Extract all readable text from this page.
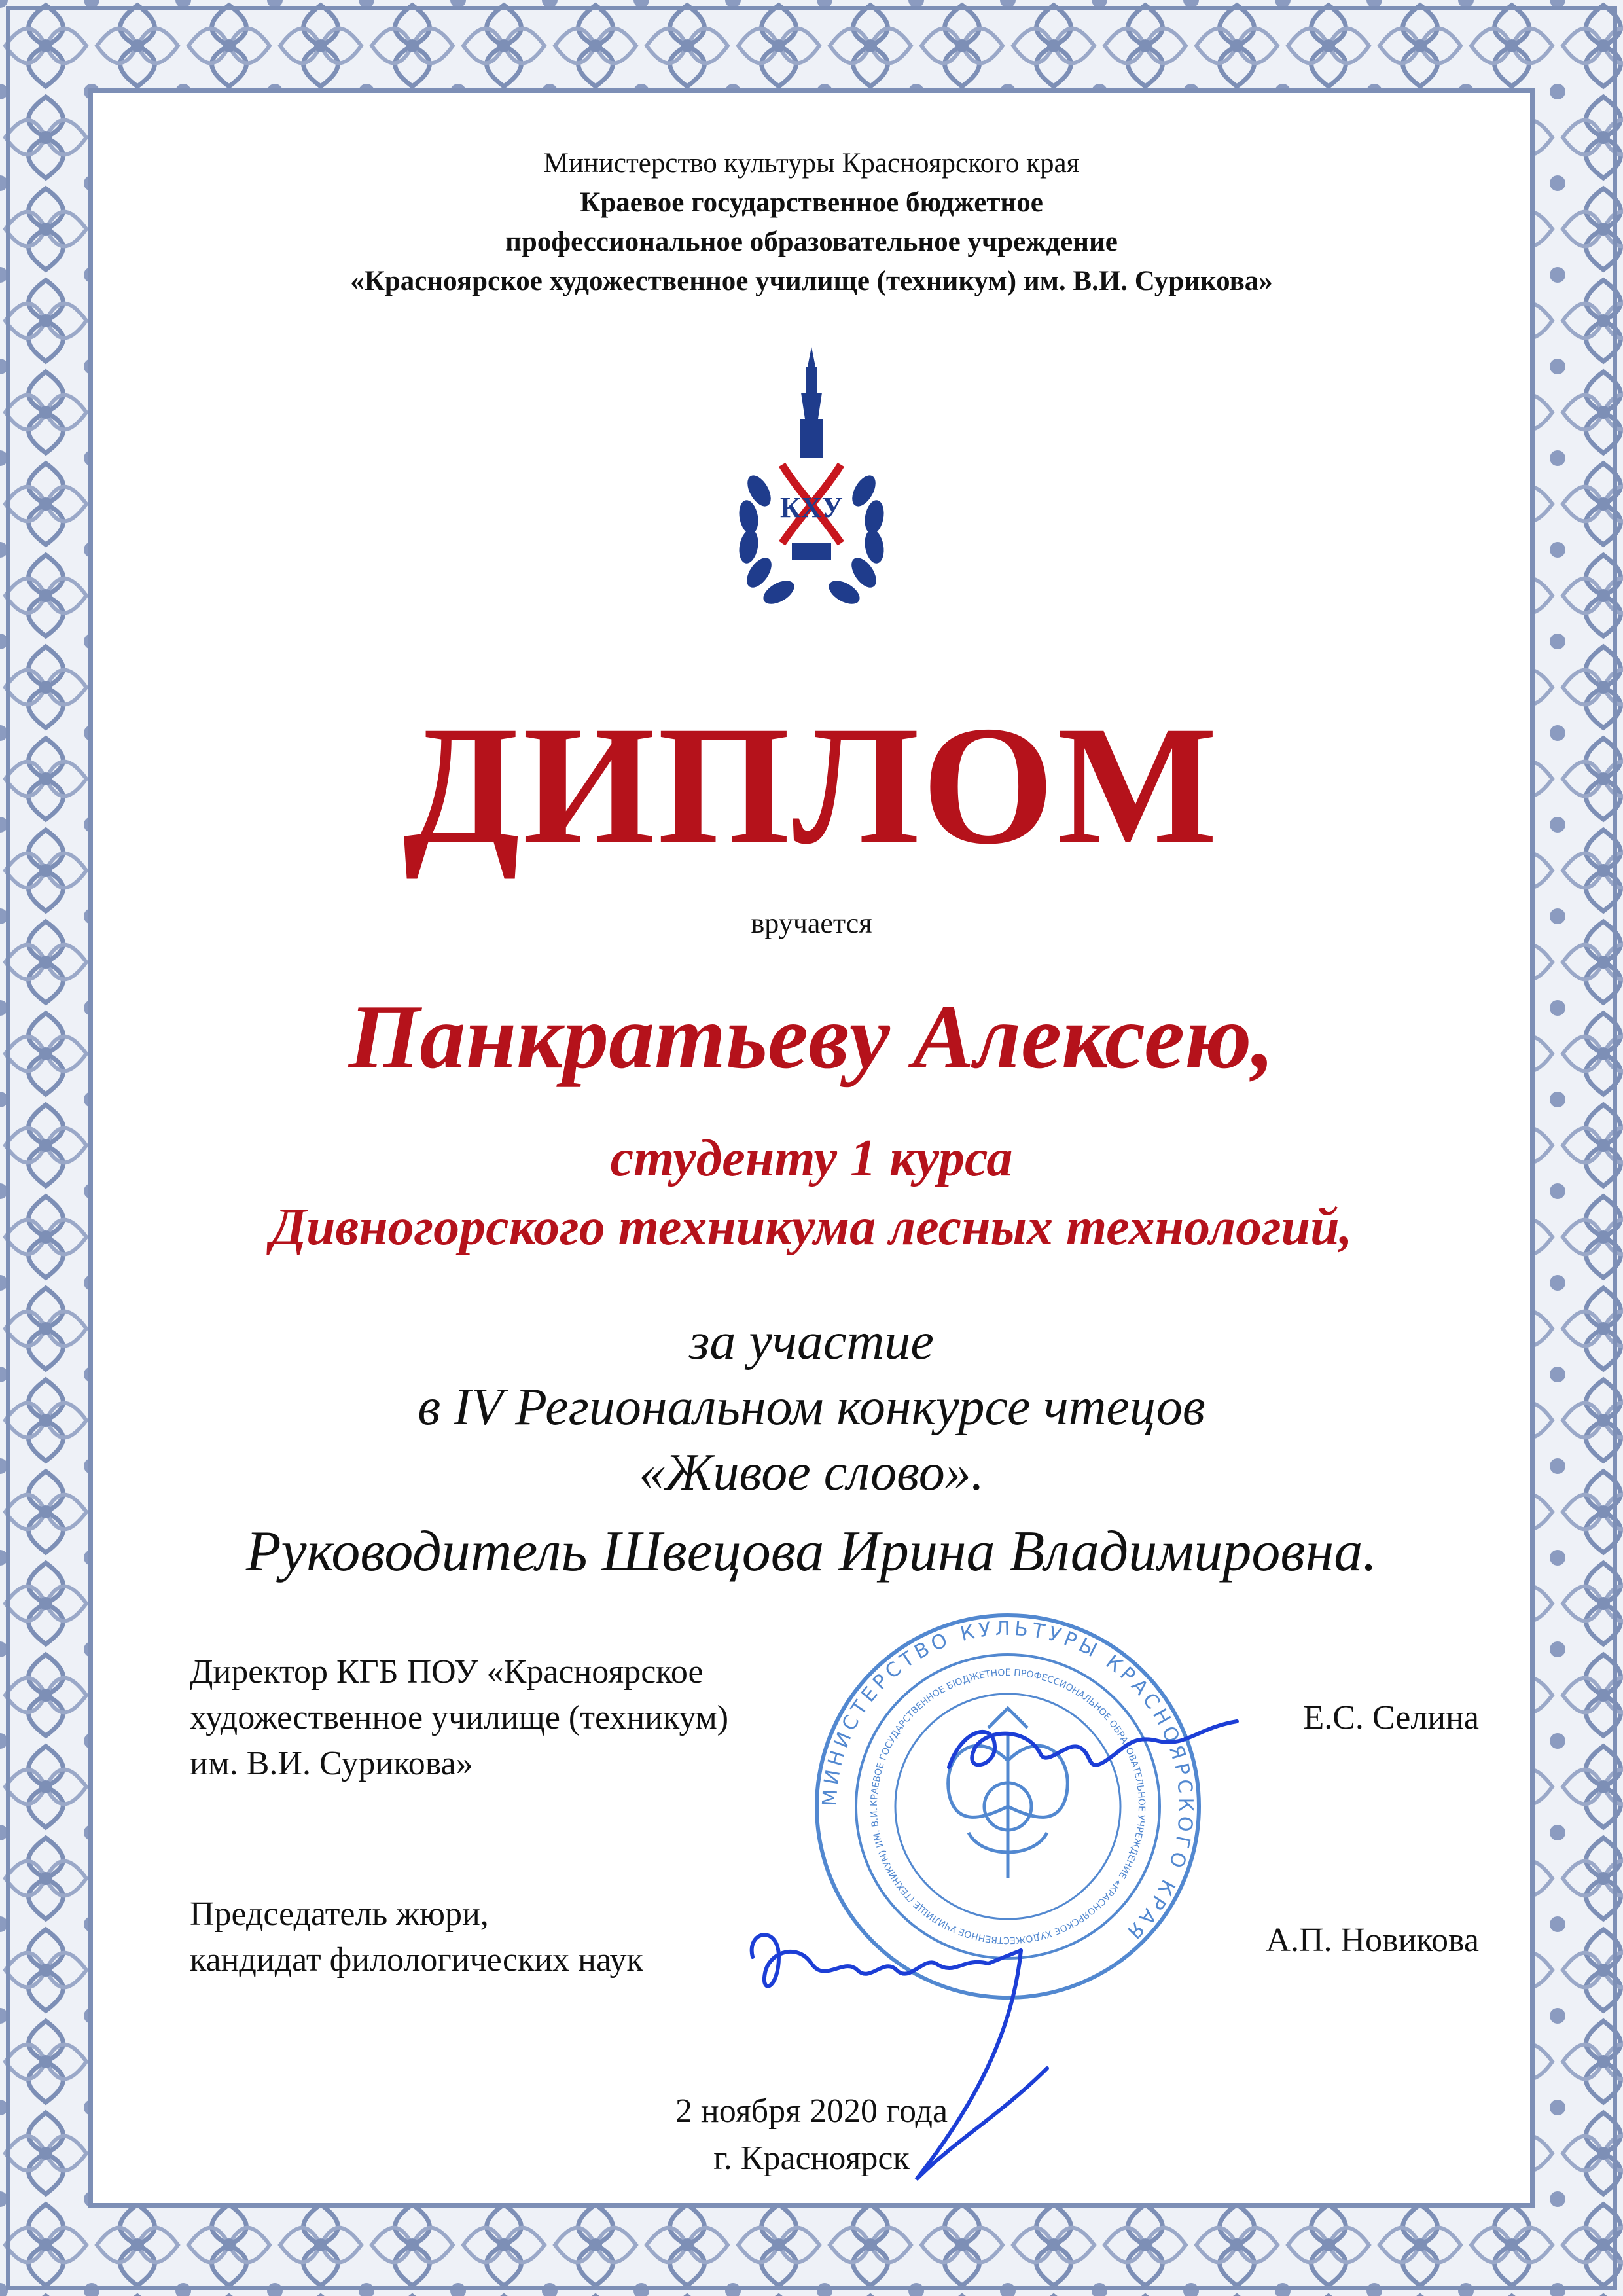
Министерство культуры Красноярского края
Краевое государственное бюджетное
профессиональное образовательное учреждение
«Красноярское художественное училище (техникум) им. В.И. Сурикова»
КХУ
ДИПЛОМ
вручается
Панкратьеву Алексею,
студенту 1 курса
Дивногорского техникума лесных технологий,
за участие
в IV Региональном конкурсе чтецов
«Живое слово».
Руководитель Швецова Ирина Владимировна.
Директор КГБ ПОУ «Красноярское
художественное училище (техникум)
им. В.И. Сурикова»
Е.С. Селина
Председатель жюри,
кандидат филологических наук
А.П. Новикова
МИНИСТЕРСТВО КУЛЬТУРЫ КРАСНОЯРСКОГО КРАЯ
КРАЕВОЕ ГОСУДАРСТВЕННОЕ БЮДЖЕТНОЕ ПРОФЕССИОНАЛЬНОЕ ОБРАЗОВАТЕЛЬНОЕ УЧРЕЖДЕНИЕ «КРАСНОЯРСКОЕ ХУДОЖЕСТВЕННОЕ УЧИЛИЩЕ (ТЕХНИКУМ) ИМ. В.И. СУРИКОВА»
2 ноября 2020 года
г. Красноярск
